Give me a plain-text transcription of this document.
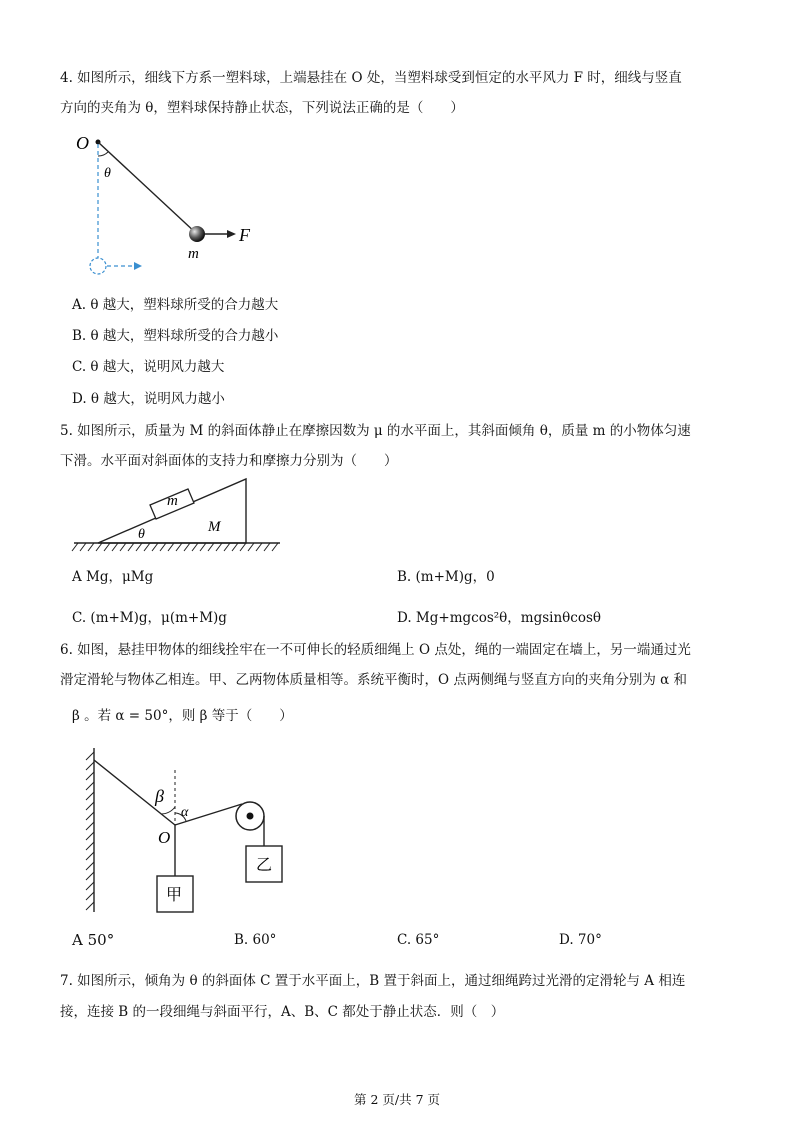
4. 如图所示，细线下方系一塑料球，上端悬挂在 O 处，当塑料球受到恒定的水平风力 F 时，细线与竖直
方向的夹角为 θ，塑料球保持静止状态，下列说法正确的是（　　）
O
θ
m
F
A. θ 越大，塑料球所受的合力越大
B. θ 越大，塑料球所受的合力越小
C. θ 越大，说明风力越大
D. θ 越大，说明风力越小
5. 如图所示，质量为 M 的斜面体静止在摩擦因数为 μ 的水平面上，其斜面倾角 θ，质量 m 的小物体匀速
下滑。水平面对斜面体的支持力和摩擦力分别为（　　）
m
θ	M
A Mg，μMg	B. (m+M)g，0
C. (m+M)g，μ(m+M)g	D. Mg+mgcos²θ，mgsinθcosθ
6. 如图，悬挂甲物体的细线拴牢在一不可伸长的轻质细绳上 O 点处，绳的一端固定在墙上，另一端通过光
滑定滑轮与物体乙相连。甲、乙两物体质量相等。系统平衡时，O 点两侧绳与竖直方向的夹角分别为 α 和
β 。若 α = 50°，则 β 等于（　　）
β
α
O
甲
乙
A 50°	B. 60°	C. 65°	D. 70°
7. 如图所示，倾角为 θ 的斜面体 C 置于水平面上，B 置于斜面上，通过细绳跨过光滑的定滑轮与 A 相连
接，连接 B 的一段细绳与斜面平行，A、B、C 都处于静止状态．则（　）
第 2 页/共 7 页
